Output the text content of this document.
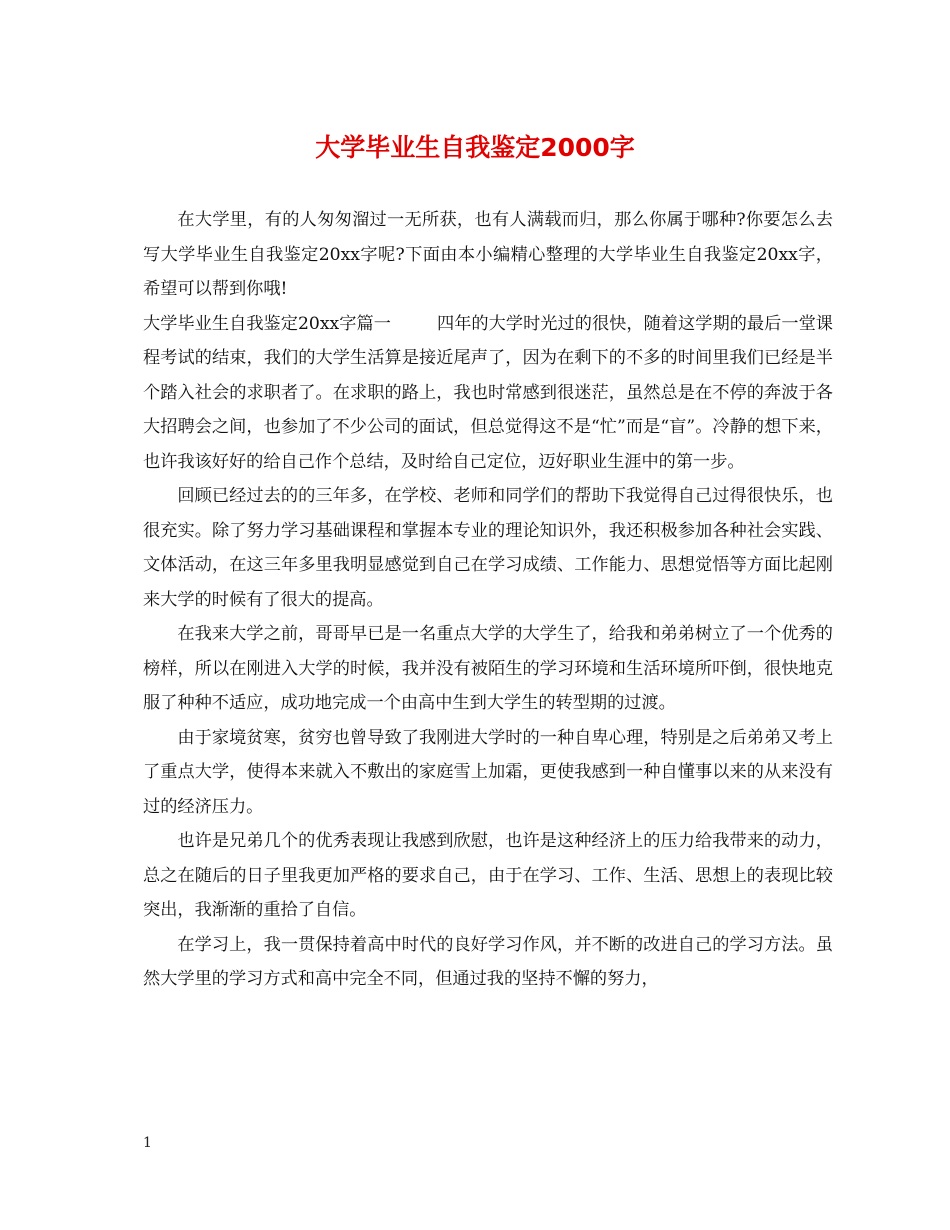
大学毕业生自我鉴定2000字

在大学里，有的人匆匆溜过一无所获，也有人满载而归，那么你属于哪种?你要怎么去写大学毕业生自我鉴定20xx字呢?下面由本小编精心整理的大学毕业生自我鉴定20xx字，希望可以帮到你哦!

大学毕业生自我鉴定20xx字篇一	四年的大学时光过的很快，随着这学期的最后一堂课程考试的结束，我们的大学生活算是接近尾声了，因为在剩下的不多的时间里我们已经是半个踏入社会的求职者了。在求职的路上，我也时常感到很迷茫，虽然总是在不停的奔波于各大招聘会之间，也参加了不少公司的面试，但总觉得这不是“忙”而是“盲”。冷静的想下来，也许我该好好的给自己作个总结，及时给自己定位，迈好职业生涯中的第一步。

回顾已经过去的的三年多，在学校、老师和同学们的帮助下我觉得自己过得很快乐，也很充实。除了努力学习基础课程和掌握本专业的理论知识外，我还积极参加各种社会实践、文体活动，在这三年多里我明显感觉到自己在学习成绩、工作能力、思想觉悟等方面比起刚来大学的时候有了很大的提高。

在我来大学之前，哥哥早已是一名重点大学的大学生了，给我和弟弟树立了一个优秀的榜样，所以在刚进入大学的时候，我并没有被陌生的学习环境和生活环境所吓倒，很快地克服了种种不适应，成功地完成一个由高中生到大学生的转型期的过渡。

由于家境贫寒，贫穷也曾导致了我刚进大学时的一种自卑心理，特别是之后弟弟又考上了重点大学，使得本来就入不敷出的家庭雪上加霜，更使我感到一种自懂事以来的从来没有过的经济压力。

也许是兄弟几个的优秀表现让我感到欣慰，也许是这种经济上的压力给我带来的动力，总之在随后的日子里我更加严格的要求自己，由于在学习、工作、生活、思想上的表现比较突出，我渐渐的重拾了自信。

在学习上，我一贯保持着高中时代的良好学习作风，并不断的改进自己的学习方法。虽然大学里的学习方式和高中完全不同，但通过我的坚持不懈的努力，

1
